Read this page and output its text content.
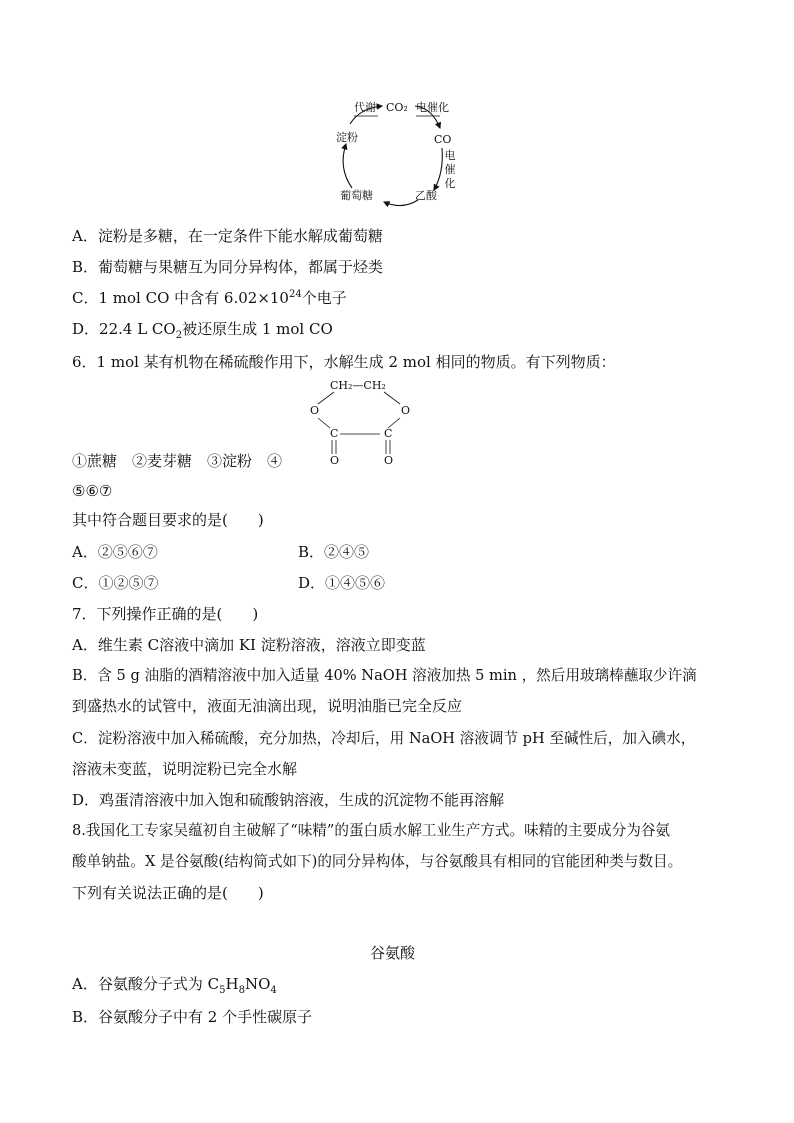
代谢 CO₂ 电催化
CO
电
催
化
乙酸
葡萄糖
淀粉
A．淀粉是多糖，在一定条件下能水解成葡萄糖
B．葡萄糖与果糖互为同分异构体，都属于烃类
C．1 mol CO 中含有 $6.02\times 10^{24}$个电子
D．22.4 L $CO_2$被还原生成 1 mol CO
6．1 mol 某有机物在稀硫酸作用下，水解生成 2 mol 相同的物质。有下列物质：
CH₂—CH₂
O	O
C	C
O	O
①蔗糖　②麦芽糖　③淀粉　④
⑤⑥⑦
其中符合题目要求的是(　　)
A．②⑤⑥⑦	B．②④⑤
C．①②⑤⑦	D．①④⑤⑥
7．下列操作正确的是(　　)
A．维生素 C溶液中滴加 KI 淀粉溶液，溶液立即变蓝
B．含 5 g 油脂的酒精溶液中加入适量 40% NaOH 溶液加热 5 min ，然后用玻璃棒蘸取少许滴
到盛热水的试管中，液面无油滴出现，说明油脂已完全反应
C．淀粉溶液中加入稀硫酸，充分加热，冷却后，用 NaOH 溶液调节 pH 至碱性后，加入碘水，
溶液未变蓝，说明淀粉已完全水解
D．鸡蛋清溶液中加入饱和硫酸钠溶液，生成的沉淀物不能再溶解
8.我国化工专家吴蕴初自主破解了“味精”的蛋白质水解工业生产方式。味精的主要成分为谷氨
酸单钠盐。X 是谷氨酸(结构简式如下)的同分异构体，与谷氨酸具有相同的官能团种类与数目。
下列有关说法正确的是(　　)
谷氨酸
A．谷氨酸分子式为 $C_5H_8NO_4$
B．谷氨酸分子中有 2 个手性碳原子
